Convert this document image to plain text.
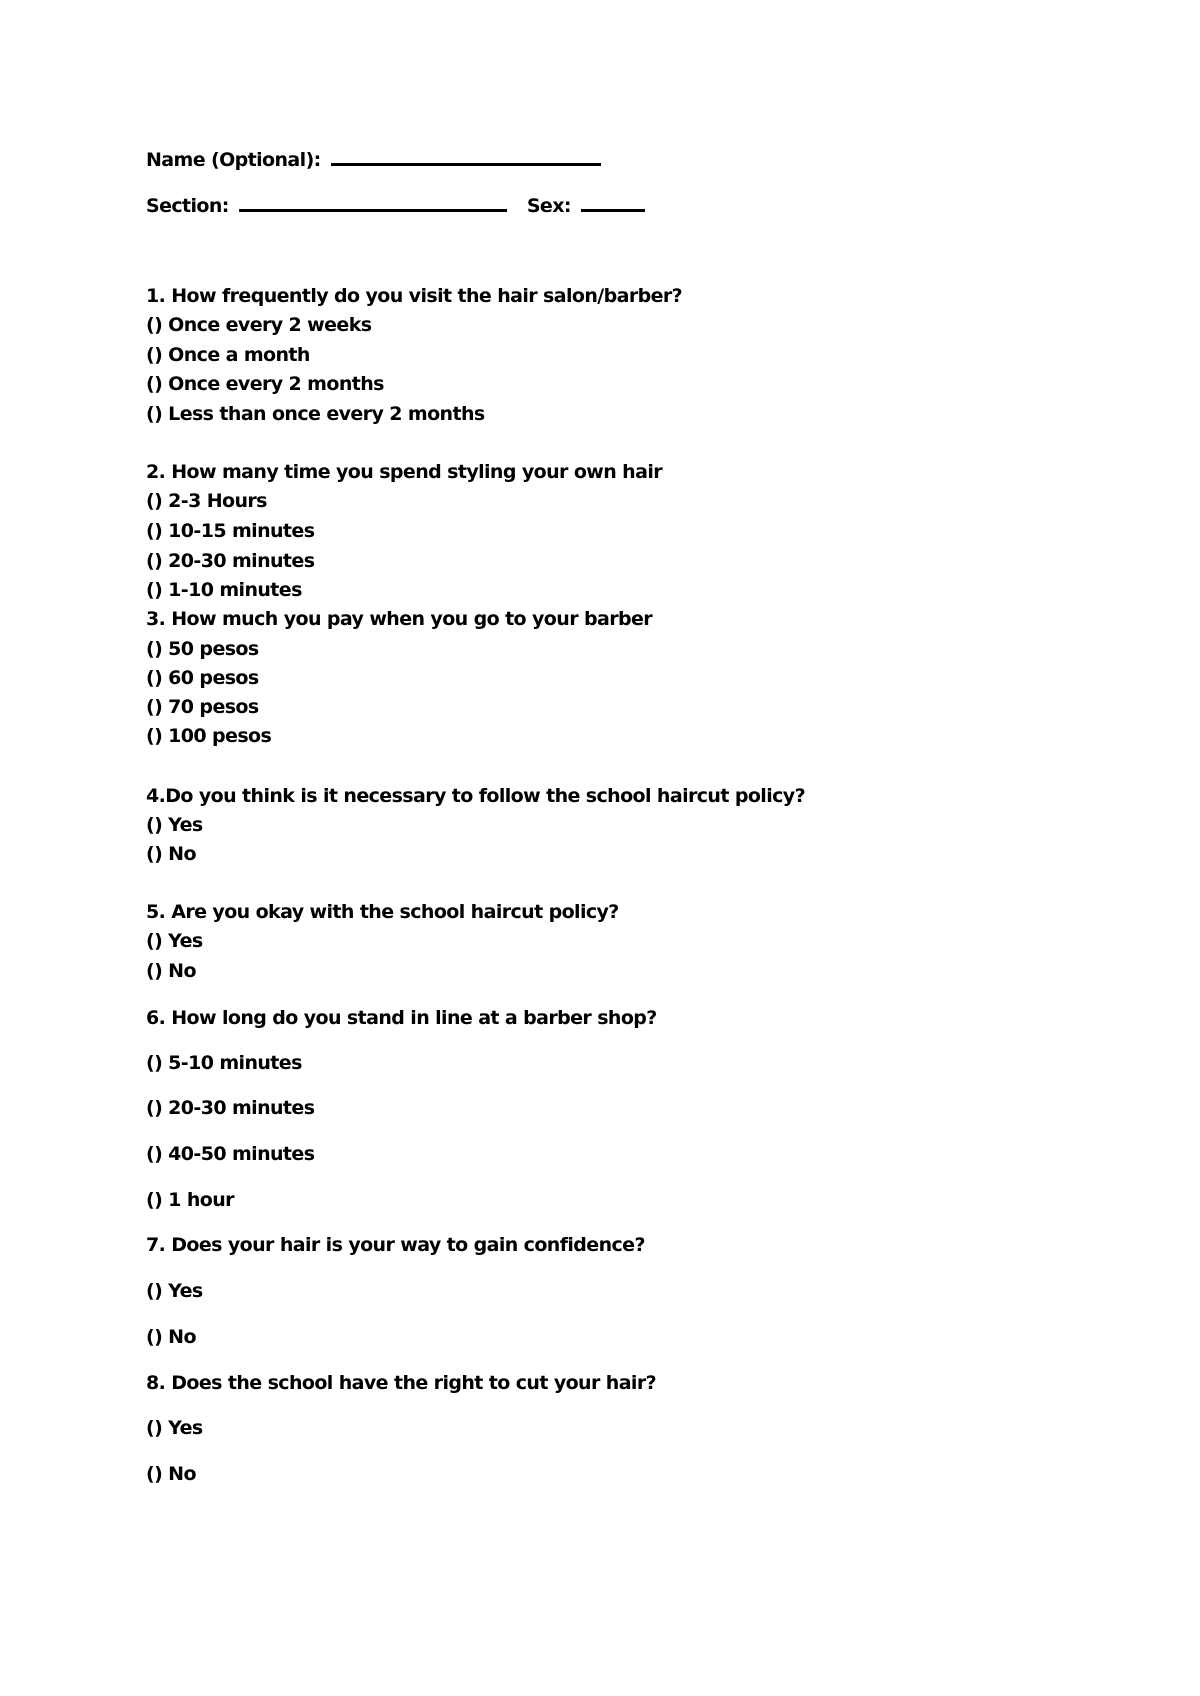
Name (Optional):
Section:	Sex:
1. How frequently do you visit the hair salon/barber?
() Once every 2 weeks
() Once a month
() Once every 2 months
() Less than once every 2 months
2. How many time you spend styling your own hair
() 2-3 Hours
() 10-15 minutes
() 20-30 minutes
() 1-10 minutes
3. How much you pay when you go to your barber
() 50 pesos
() 60 pesos
() 70 pesos
() 100 pesos
4.Do you think is it necessary to follow the school haircut policy?
() Yes
() No
5. Are you okay with the school haircut policy?
() Yes
() No
6. How long do you stand in line at a barber shop?
() 5-10 minutes
() 20-30 minutes
() 40-50 minutes
() 1 hour
7. Does your hair is your way to gain confidence?
() Yes
() No
8. Does the school have the right to cut your hair?
() Yes
() No
